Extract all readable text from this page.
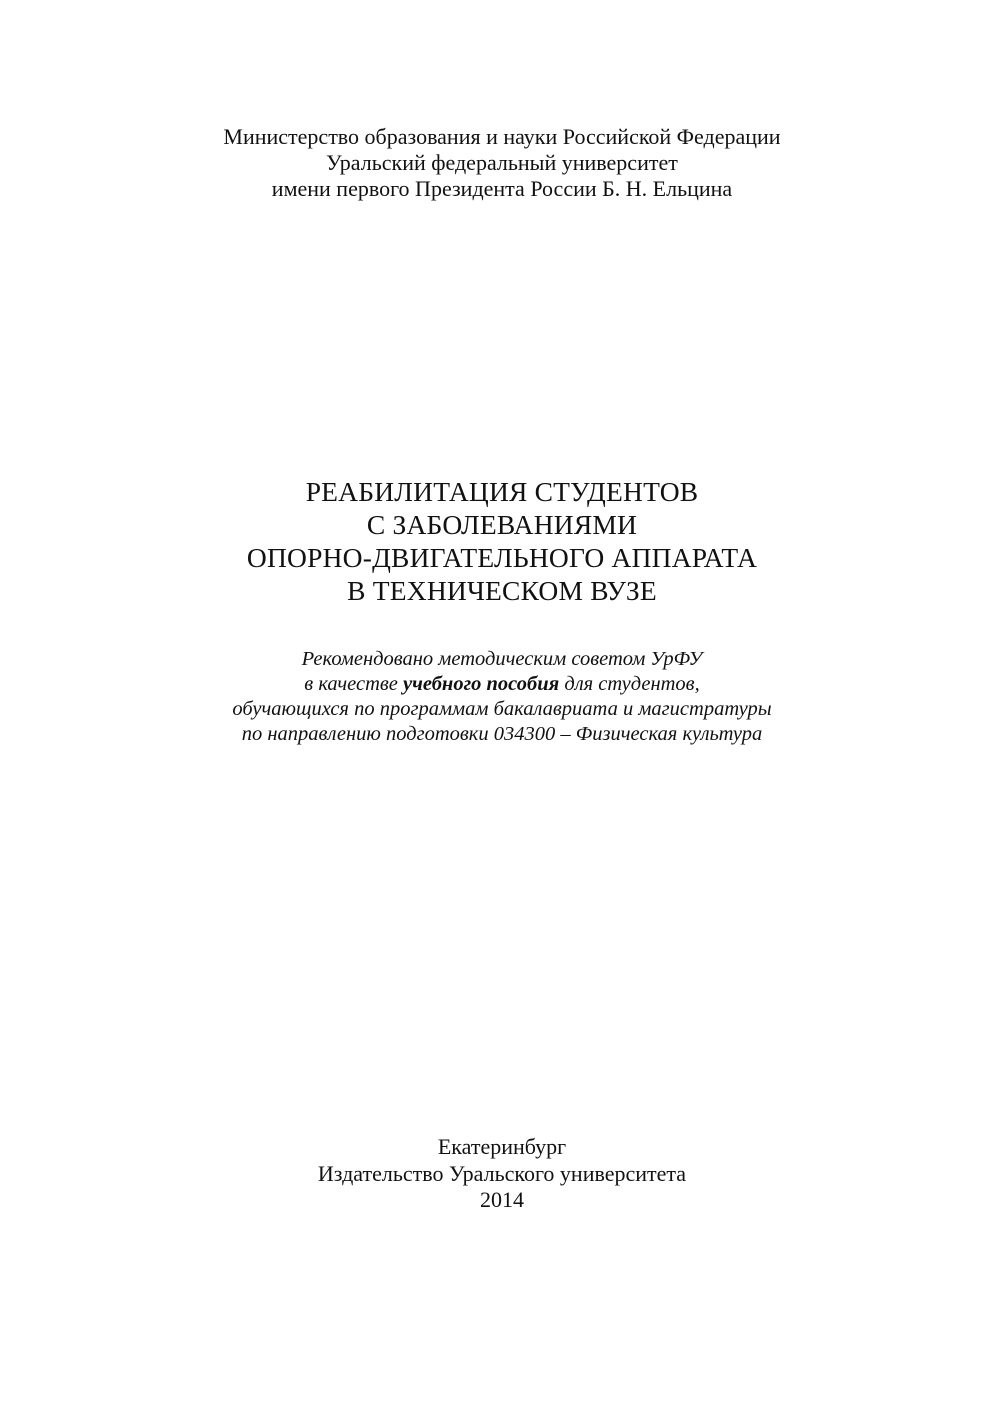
Министерство образования и науки Российской Федерации
Уральский федеральный университет
имени первого Президента России Б. Н. Ельцина
РЕАБИЛИТАЦИЯ СТУДЕНТОВ
С ЗАБОЛЕВАНИЯМИ
ОПОРНО-ДВИГАТЕЛЬНОГО АППАРАТА
В ТЕХНИЧЕСКОМ ВУЗЕ
Рекомендовано методическим советом УрФУ
в качестве учебного пособия для студентов,
обучающихся по программам бакалавриата и магистратуры
по направлению подготовки 034300 – Физическая культура
Екатеринбург
Издательство Уральского университета
2014
